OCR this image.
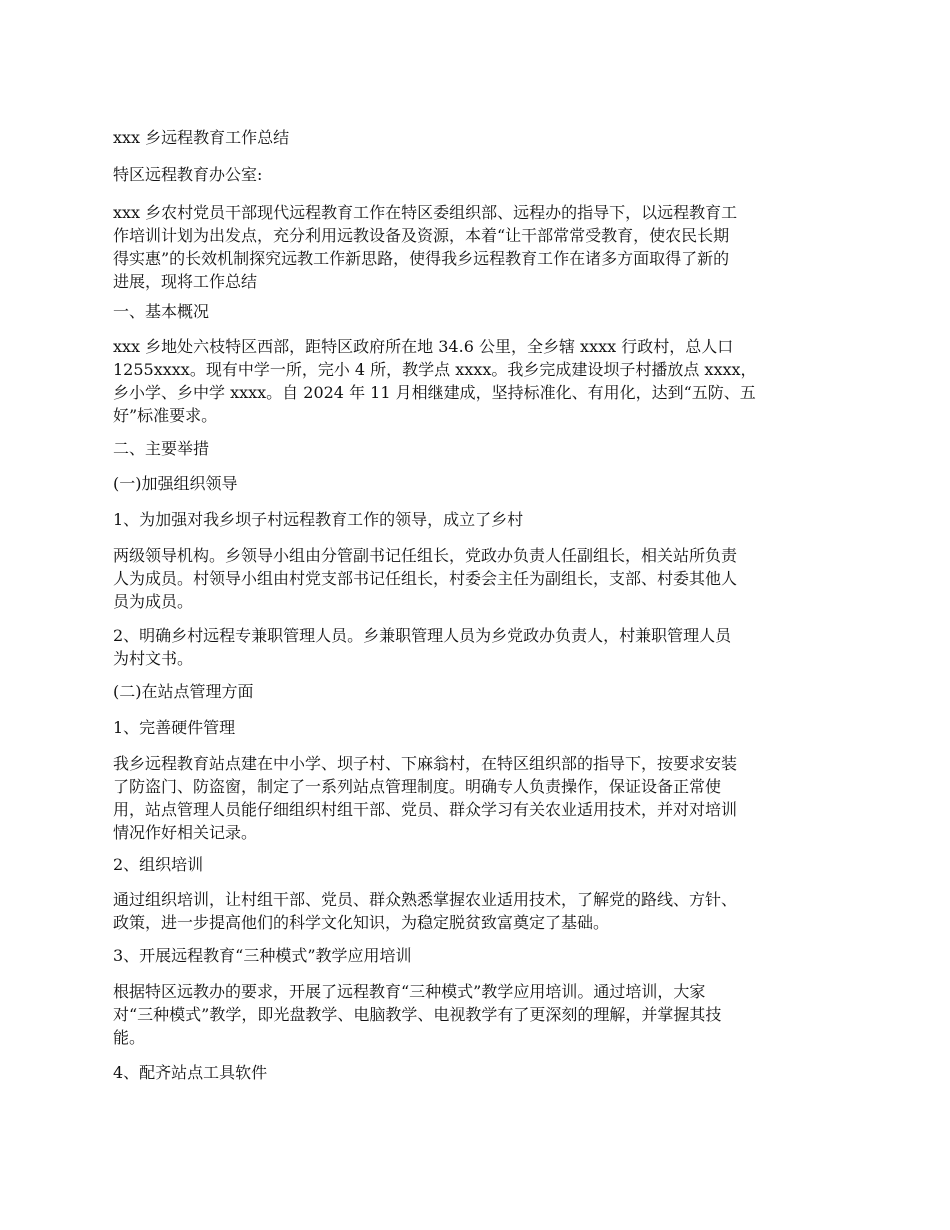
xxx 乡远程教育工作总结

特区远程教育办公室:

xxx 乡农村党员干部现代远程教育工作在特区委组织部、远程办的指导下，以远程教育工

作培训计划为出发点，充分利用远教设备及资源，本着“让干部常常受教育，使农民长期

得实惠”的长效机制探究远教工作新思路，使得我乡远程教育工作在诸多方面取得了新的

进展，现将工作总结

一、基本概况

xxx 乡地处六枝特区西部，距特区政府所在地 34.6 公里，全乡辖 xxxx 行政村，总人口

1255xxxx。现有中学一所，完小 4 所，教学点 xxxx。我乡完成建设坝子村播放点 xxxx，

乡小学、乡中学 xxxx。自 2024 年 11 月相继建成，坚持标准化、有用化，达到“五防、五

好”标准要求。

二、主要举措

(一)加强组织领导

1、为加强对我乡坝子村远程教育工作的领导，成立了乡村

两级领导机构。乡领导小组由分管副书记任组长，党政办负责人任副组长，相关站所负责

人为成员。村领导小组由村党支部书记任组长，村委会主任为副组长，支部、村委其他人

员为成员。

2、明确乡村远程专兼职管理人员。乡兼职管理人员为乡党政办负责人，村兼职管理人员

为村文书。

(二)在站点管理方面

1、完善硬件管理

我乡远程教育站点建在中小学、坝子村、下麻翁村，在特区组织部的指导下，按要求安装

了防盗门、防盗窗，制定了一系列站点管理制度。明确专人负责操作，保证设备正常使

用，站点管理人员能仔细组织村组干部、党员、群众学习有关农业适用技术，并对对培训

情况作好相关记录。

2、组织培训

通过组织培训，让村组干部、党员、群众熟悉掌握农业适用技术，了解党的路线、方针、

政策，进一步提高他们的科学文化知识，为稳定脱贫致富奠定了基础。

3、开展远程教育“三种模式”教学应用培训

根据特区远教办的要求，开展了远程教育“三种模式”教学应用培训。通过培训，大家

对“三种模式”教学，即光盘教学、电脑教学、电视教学有了更深刻的理解，并掌握其技

能。

4、配齐站点工具软件
